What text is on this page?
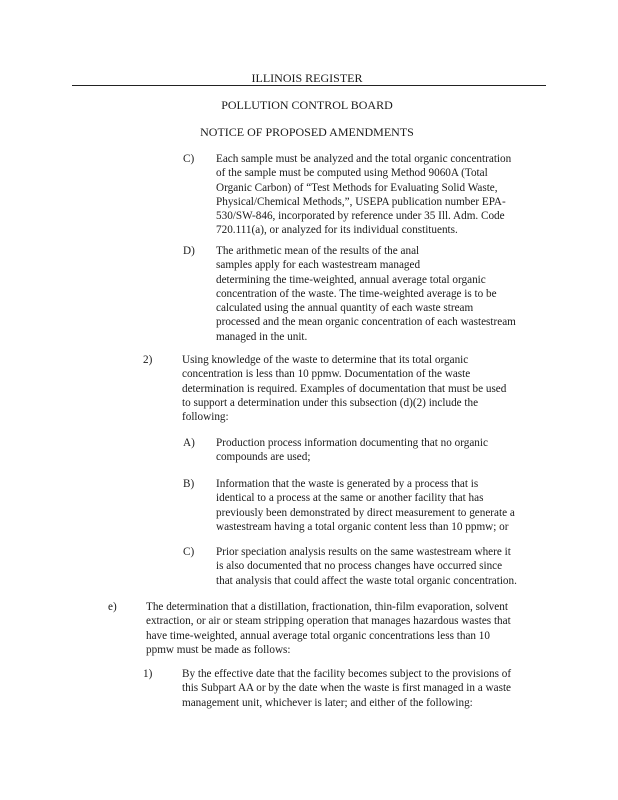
ILLINOIS REGISTER
POLLUTION CONTROL BOARD
NOTICE OF PROPOSED AMENDMENTS
C) Each sample must be analyzed and the total organic concentration
of the sample must be computed using Method 9060A (Total
Organic Carbon) of “Test Methods for Evaluating Solid Waste,
Physical/Chemical Methods,”, USEPA publication number EPA-
530/SW-846, incorporated by reference under 35 Ill. Adm. Code
720.111(a), or analyzed for its individual constituents.
D) The arithmetic mean of the results of the anal
samples apply for each wastestream managed
determining the time-weighted, annual average total organic
concentration of the waste. The time-weighted average is to be
calculated using the annual quantity of each waste stream
processed and the mean organic concentration of each wastestream
managed in the unit.
2)	Using knowledge of the waste to determine that its total organic
concentration is less than 10 ppmw. Documentation of the waste
determination is required. Examples of documentation that must be used
to support a determination under this subsection (d)(2) include the
following:
A) Production process information documenting that no organic
compounds are used;
B) Information that the waste is generated by a process that is
identical to a process at the same or another facility that has
previously been demonstrated by direct measurement to generate a
wastestream having a total organic content less than 10 ppmw; or
C) Prior speciation analysis results on the same wastestream where it
is also documented that no process changes have occurred since
that analysis that could affect the waste total organic concentration.
e)	The determination that a distillation, fractionation, thin-film evaporation, solvent
extraction, or air or steam stripping operation that manages hazardous wastes that
have time-weighted, annual average total organic concentrations less than 10
ppmw must be made as follows:
1)	By the effective date that the facility becomes subject to the provisions of
this Subpart AA or by the date when the waste is first managed in a waste
management unit, whichever is later; and either of the following:
